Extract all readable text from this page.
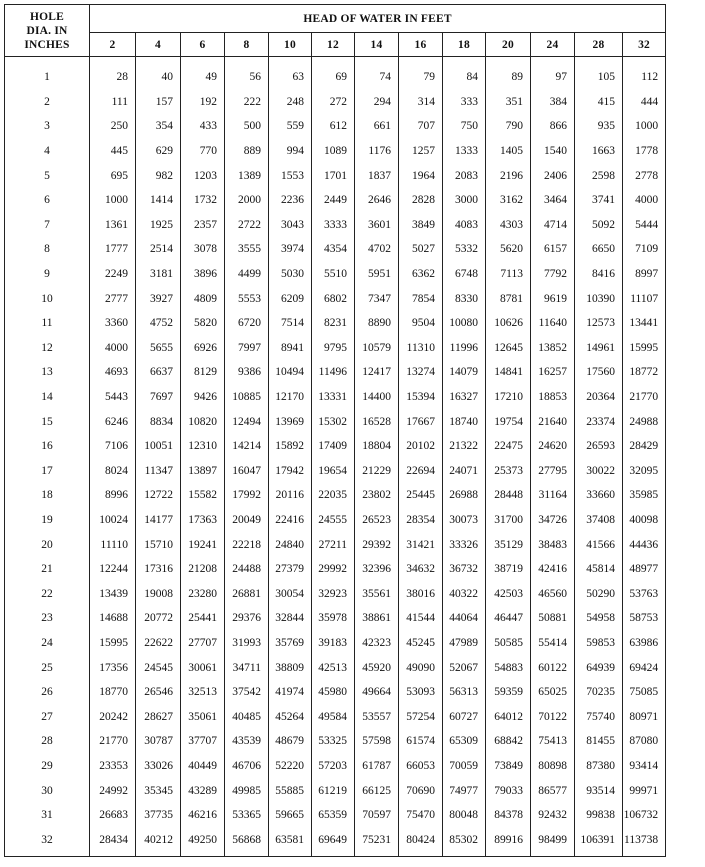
HOLE
DIA. IN
INCHES	HEAD OF WATER IN FEET												
	2	4	6	8	10	12	14	16	18	20	24	28	32
1	28	40	49	56	63	69	74	79	84	89	97	105	112
2	111	157	192	222	248	272	294	314	333	351	384	415	444
3	250	354	433	500	559	612	661	707	750	790	866	935	1000
4	445	629	770	889	994	1089	1176	1257	1333	1405	1540	1663	1778
5	695	982	1203	1389	1553	1701	1837	1964	2083	2196	2406	2598	2778
6	1000	1414	1732	2000	2236	2449	2646	2828	3000	3162	3464	3741	4000
7	1361	1925	2357	2722	3043	3333	3601	3849	4083	4303	4714	5092	5444
8	1777	2514	3078	3555	3974	4354	4702	5027	5332	5620	6157	6650	7109
9	2249	3181	3896	4499	5030	5510	5951	6362	6748	7113	7792	8416	8997
10	2777	3927	4809	5553	6209	6802	7347	7854	8330	8781	9619	10390	11107
11	3360	4752	5820	6720	7514	8231	8890	9504	10080	10626	11640	12573	13441
12	4000	5655	6926	7997	8941	9795	10579	11310	11996	12645	13852	14961	15995
13	4693	6637	8129	9386	10494	11496	12417	13274	14079	14841	16257	17560	18772
14	5443	7697	9426	10885	12170	13331	14400	15394	16327	17210	18853	20364	21770
15	6246	8834	10820	12494	13969	15302	16528	17667	18740	19754	21640	23374	24988
16	7106	10051	12310	14214	15892	17409	18804	20102	21322	22475	24620	26593	28429
17	8024	11347	13897	16047	17942	19654	21229	22694	24071	25373	27795	30022	32095
18	8996	12722	15582	17992	20116	22035	23802	25445	26988	28448	31164	33660	35985
19	10024	14177	17363	20049	22416	24555	26523	28354	30073	31700	34726	37408	40098
20	11110	15710	19241	22218	24840	27211	29392	31421	33326	35129	38483	41566	44436
21	12244	17316	21208	24488	27379	29992	32396	34632	36732	38719	42416	45814	48977
22	13439	19008	23280	26881	30054	32923	35561	38016	40322	42503	46560	50290	53763
23	14688	20772	25441	29376	32844	35978	38861	41544	44064	46447	50881	54958	58753
24	15995	22622	27707	31993	35769	39183	42323	45245	47989	50585	55414	59853	63986
25	17356	24545	30061	34711	38809	42513	45920	49090	52067	54883	60122	64939	69424
26	18770	26546	32513	37542	41974	45980	49664	53093	56313	59359	65025	70235	75085
27	20242	28627	35061	40485	45264	49584	53557	57254	60727	64012	70122	75740	80971
28	21770	30787	37707	43539	48679	53325	57598	61574	65309	68842	75413	81455	87080
29	23353	33026	40449	46706	52220	57203	61787	66053	70059	73849	80898	87380	93414
30	24992	35345	43289	49985	55885	61219	66125	70690	74977	79033	86577	93514	99971
31	26683	37735	46216	53365	59665	65359	70597	75470	80048	84378	92432	99838	106732
32	28434	40212	49250	56868	63581	69649	75231	80424	85302	89916	98499	106391	113738
